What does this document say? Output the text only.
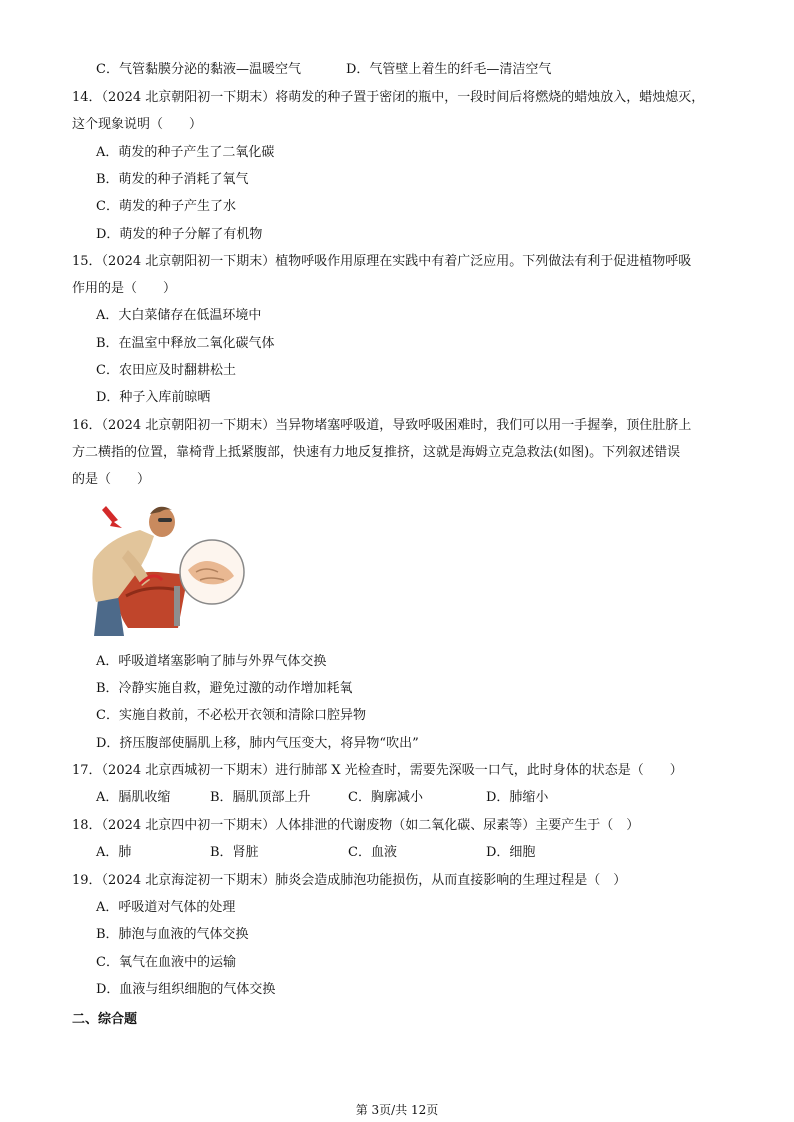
C．气管黏膜分泌的黏液—温暖空气	D．气管壁上着生的纤毛—清洁空气
14．（2024 北京朝阳初一下期末）将萌发的种子置于密闭的瓶中，一段时间后将燃烧的蜡烛放入，蜡烛熄灭，
这个现象说明（　　）
A．萌发的种子产生了二氧化碳
B．萌发的种子消耗了氧气
C．萌发的种子产生了水
D．萌发的种子分解了有机物
15．（2024 北京朝阳初一下期末）植物呼吸作用原理在实践中有着广泛应用。下列做法有利于促进植物呼吸
作用的是（　　）
A．大白菜储存在低温环境中
B．在温室中释放二氧化碳气体
C．农田应及时翻耕松土
D．种子入库前晾晒
16．（2024 北京朝阳初一下期末）当异物堵塞呼吸道，导致呼吸困难时，我们可以用一手握拳，顶住肚脐上
方二横指的位置，靠椅背上抵紧腹部，快速有力地反复推挤，这就是海姆立克急救法(如图)。下列叙述错误
的是（　　）
A．呼吸道堵塞影响了肺与外界气体交换
B．冷静实施自救，避免过激的动作增加耗氧
C．实施自救前，不必松开衣领和清除口腔异物
D．挤压腹部使膈肌上移，肺内气压变大，将异物“吹出”
17．（2024 北京西城初一下期末）进行肺部 X 光检查时，需要先深吸一口气，此时身体的状态是（　　）
A．膈肌收缩	B．膈肌顶部上升	C．胸廓减小	D．肺缩小
18．（2024 北京四中初一下期末）人体排泄的代谢废物（如二氧化碳、尿素等）主要产生于（　）
A．肺	B．肾脏	C．血液	D．细胞
19．（2024 北京海淀初一下期末）肺炎会造成肺泡功能损伤，从而直接影响的生理过程是（　）
A．呼吸道对气体的处理
B．肺泡与血液的气体交换
C．氧气在血液中的运输
D．血液与组织细胞的气体交换
二、综合题
第 3页/共 12页
